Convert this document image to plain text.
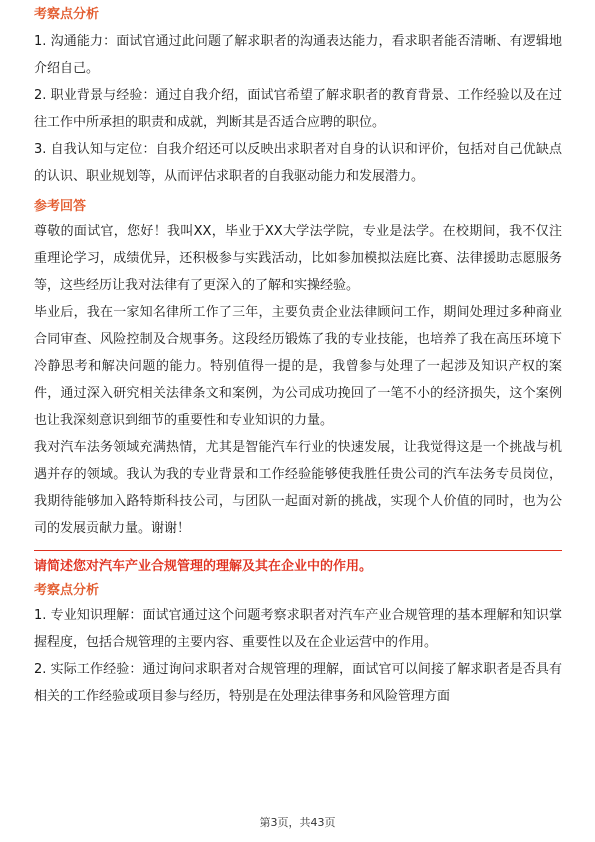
考察点分析

1. 沟通能力：面试官通过此问题了解求职者的沟通表达能力，看求职者能否清晰、有逻辑地介绍自己。

2. 职业背景与经验：通过自我介绍，面试官希望了解求职者的教育背景、工作经验以及在过往工作中所承担的职责和成就，判断其是否适合应聘的职位。

3. 自我认知与定位：自我介绍还可以反映出求职者对自身的认识和评价，包括对自己优缺点的认识、职业规划等，从而评估求职者的自我驱动能力和发展潜力。

参考回答

尊敬的面试官，您好！我叫XX，毕业于XX大学法学院，专业是法学。在校期间，我不仅注重理论学习，成绩优异，还积极参与实践活动，比如参加模拟法庭比赛、法律援助志愿服务等，这些经历让我对法律有了更深入的了解和实操经验。

毕业后，我在一家知名律所工作了三年，主要负责企业法律顾问工作，期间处理过多种商业合同审查、风险控制及合规事务。这段经历锻炼了我的专业技能，也培养了我在高压环境下冷静思考和解决问题的能力。特别值得一提的是，我曾参与处理了一起涉及知识产权的案件，通过深入研究相关法律条文和案例，为公司成功挽回了一笔不小的经济损失，这个案例也让我深刻意识到细节的重要性和专业知识的力量。

我对汽车法务领域充满热情，尤其是智能汽车行业的快速发展，让我觉得这是一个挑战与机遇并存的领域。我认为我的专业背景和工作经验能够使我胜任贵公司的汽车法务专员岗位，我期待能够加入路特斯科技公司，与团队一起面对新的挑战，实现个人价值的同时，也为公司的发展贡献力量。谢谢！

请简述您对汽车产业合规管理的理解及其在企业中的作用。
考察点分析

1. 专业知识理解：面试官通过这个问题考察求职者对汽车产业合规管理的基本理解和知识掌握程度，包括合规管理的主要内容、重要性以及在企业运营中的作用。

2. 实际工作经验：通过询问求职者对合规管理的理解，面试官可以间接了解求职者是否具有相关的工作经验或项目参与经历，特别是在处理法律事务和风险管理方面

第3页，共43页
